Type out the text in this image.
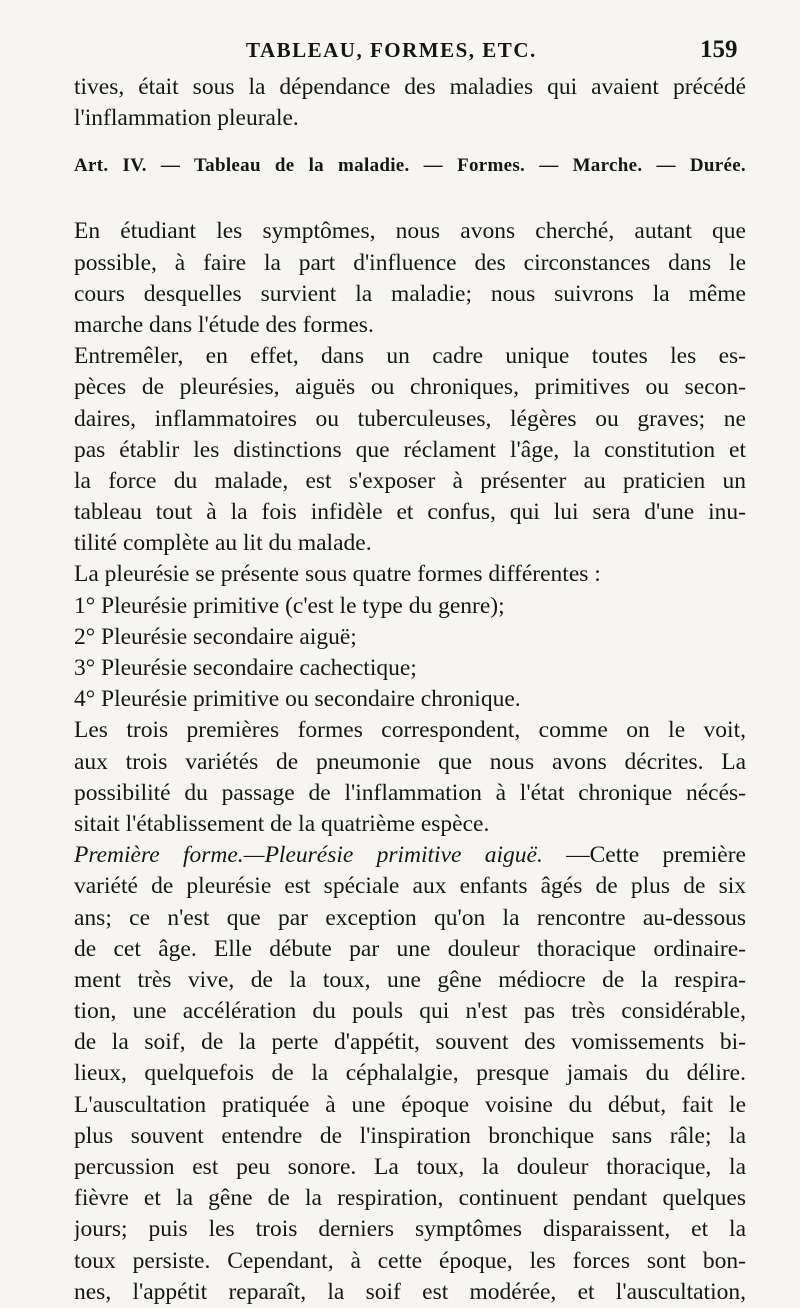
TABLEAU, FORMES, ETC.	159
tives, était sous la dépendance des maladies qui avaient précédé
l'inflammation pleurale.
Art. IV. — Tableau de la maladie. — Formes. — Marche. — Durée.
En étudiant les symptômes, nous avons cherché, autant que
possible, à faire la part d'influence des circonstances dans le
cours desquelles survient la maladie; nous suivrons la même
marche dans l'étude des formes.
Entremêler, en effet, dans un cadre unique toutes les es-
pèces de pleurésies, aiguës ou chroniques, primitives ou secon-
daires, inflammatoires ou tuberculeuses, légères ou graves; ne
pas établir les distinctions que réclament l'âge, la constitution et
la force du malade, est s'exposer à présenter au praticien un
tableau tout à la fois infidèle et confus, qui lui sera d'une inu-
tilité complète au lit du malade.
La pleurésie se présente sous quatre formes différentes :
1° Pleurésie primitive (c'est le type du genre);
2° Pleurésie secondaire aiguë;
3° Pleurésie secondaire cachectique;
4° Pleurésie primitive ou secondaire chronique.
Les trois premières formes correspondent, comme on le voit,
aux trois variétés de pneumonie que nous avons décrites. La
possibilité du passage de l'inflammation à l'état chronique nécés-
sitait l'établissement de la quatrième espèce.
Première forme.—Pleurésie primitive aiguë. —Cette première
variété de pleurésie est spéciale aux enfants âgés de plus de six
ans; ce n'est que par exception qu'on la rencontre au-dessous
de cet âge. Elle débute par une douleur thoracique ordinaire-
ment très vive, de la toux, une gêne médiocre de la respira-
tion, une accélération du pouls qui n'est pas très considérable,
de la soif, de la perte d'appétit, souvent des vomissements bi-
lieux, quelquefois de la céphalalgie, presque jamais du délire.
L'auscultation pratiquée à une époque voisine du début, fait le
plus souvent entendre de l'inspiration bronchique sans râle; la
percussion est peu sonore. La toux, la douleur thoracique, la
fièvre et la gêne de la respiration, continuent pendant quelques
jours; puis les trois derniers symptômes disparaissent, et la
toux persiste. Cependant, à cette époque, les forces sont bon-
nes, l'appétit reparaît, la soif est modérée, et l'auscultation,
